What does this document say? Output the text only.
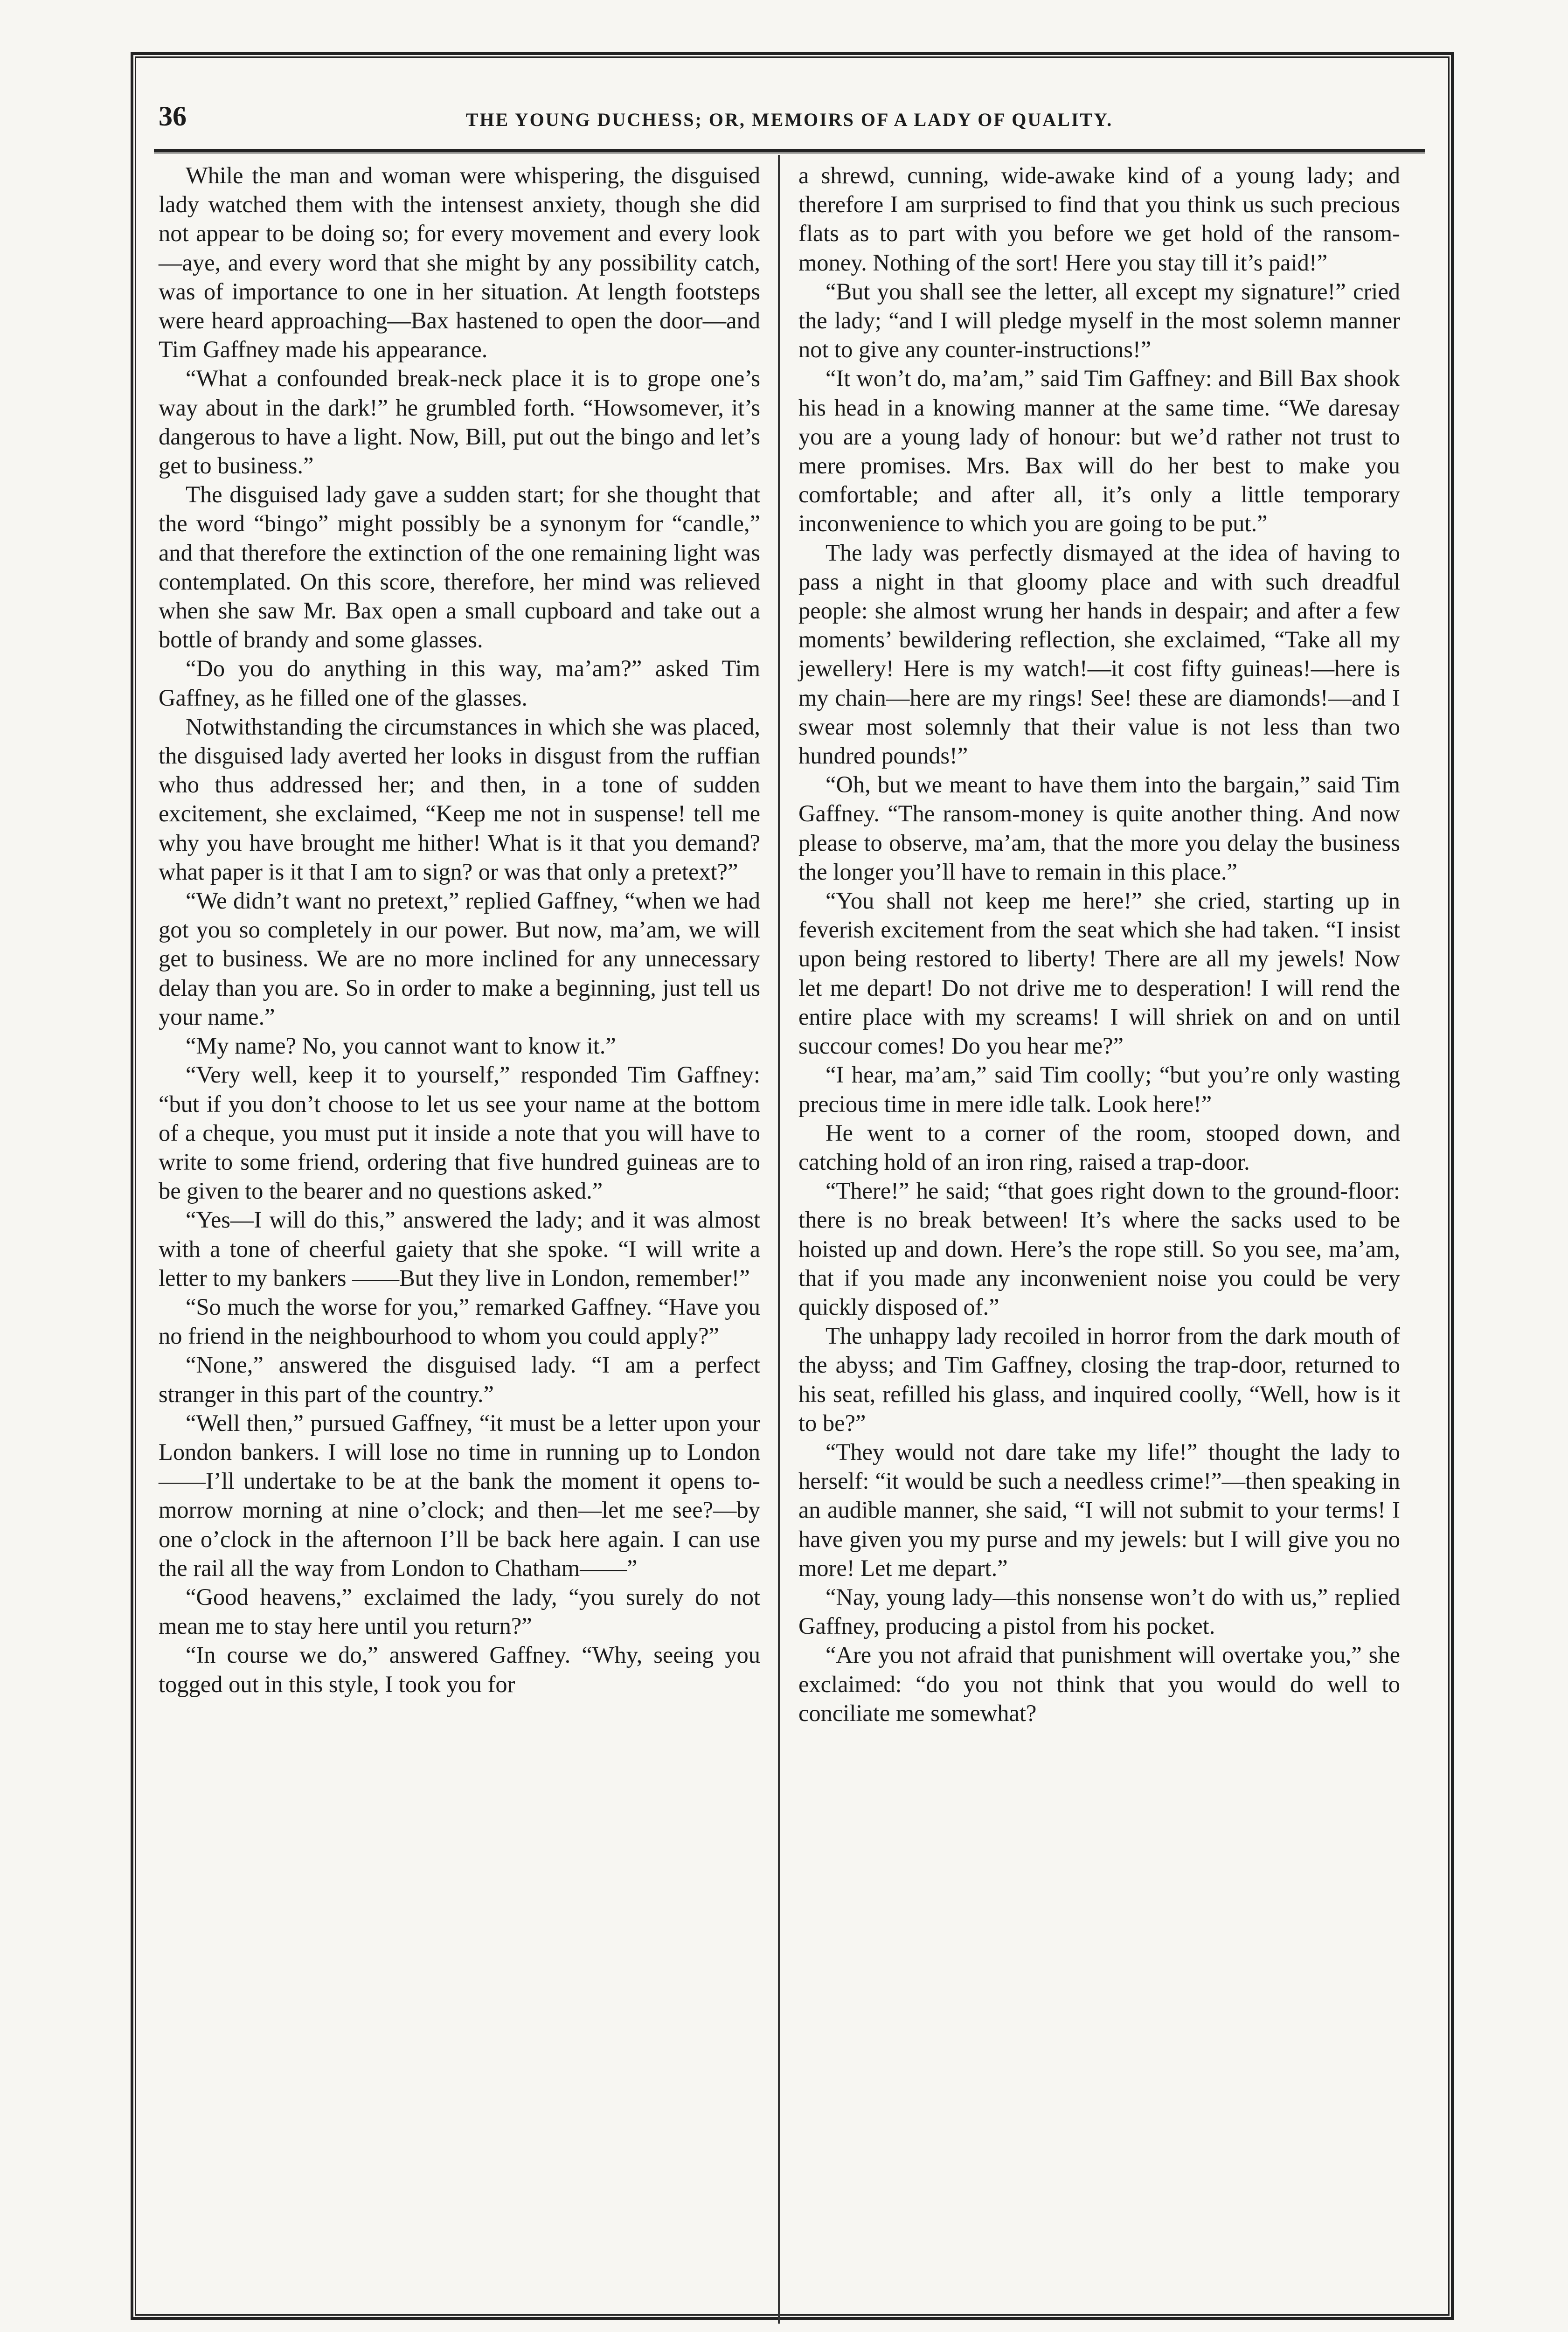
36	THE YOUNG DUCHESS; OR, MEMOIRS OF A LADY OF QUALITY.

While the man and woman were whispering, the disguised lady watched them with the intensest anxiety, though she did not appear to be doing so; for every movement and every look—aye, and every word that she might by any possibility catch, was of importance to one in her situation. At length footsteps were heard approaching—Bax hastened to open the door—and Tim Gaffney made his appearance.

“What a confounded break-neck place it is to grope one’s way about in the dark!” he grumbled forth. “Howsomever, it’s dangerous to have a light. Now, Bill, put out the bingo and let’s get to business.”

The disguised lady gave a sudden start; for she thought that the word “bingo” might possibly be a synonym for “candle,” and that therefore the extinction of the one remaining light was contemplated. On this score, therefore, her mind was relieved when she saw Mr. Bax open a small cupboard and take out a bottle of brandy and some glasses.

“Do you do anything in this way, ma’am?” asked Tim Gaffney, as he filled one of the glasses.

Notwithstanding the circumstances in which she was placed, the disguised lady averted her looks in disgust from the ruffian who thus addressed her; and then, in a tone of sudden excitement, she exclaimed, “Keep me not in suspense! tell me why you have brought me hither! What is it that you demand? what paper is it that I am to sign? or was that only a pretext?”

“We didn’t want no pretext,” replied Gaffney, “when we had got you so completely in our power. But now, ma’am, we will get to business. We are no more inclined for any unnecessary delay than you are. So in order to make a beginning, just tell us your name.”

“My name? No, you cannot want to know it.”

“Very well, keep it to yourself,” responded Tim Gaffney: “but if you don’t choose to let us see your name at the bottom of a cheque, you must put it inside a note that you will have to write to some friend, ordering that five hundred guineas are to be given to the bearer and no questions asked.”

“Yes—I will do this,” answered the lady; and it was almost with a tone of cheerful gaiety that she spoke. “I will write a letter to my bankers ——But they live in London, remember!”

“So much the worse for you,” remarked Gaffney. “Have you no friend in the neighbourhood to whom you could apply?”

“None,” answered the disguised lady. “I am a perfect stranger in this part of the country.”

“Well then,” pursued Gaffney, “it must be a letter upon your London bankers. I will lose no time in running up to London——I’ll undertake to be at the bank the moment it opens to-morrow morning at nine o’clock; and then—let me see?—by one o’clock in the afternoon I’ll be back here again. I can use the rail all the way from London to Chatham——”

“Good heavens,” exclaimed the lady, “you surely do not mean me to stay here until you return?”

“In course we do,” answered Gaffney. “Why, seeing you togged out in this style, I took you for

a shrewd, cunning, wide-awake kind of a young lady; and therefore I am surprised to find that you think us such precious flats as to part with you before we get hold of the ransom-money. Nothing of the sort! Here you stay till it’s paid!”

“But you shall see the letter, all except my signature!” cried the lady; “and I will pledge myself in the most solemn manner not to give any counter-instructions!”

“It won’t do, ma’am,” said Tim Gaffney: and Bill Bax shook his head in a knowing manner at the same time. “We daresay you are a young lady of honour: but we’d rather not trust to mere promises. Mrs. Bax will do her best to make you comfortable; and after all, it’s only a little temporary inconwenience to which you are going to be put.”

The lady was perfectly dismayed at the idea of having to pass a night in that gloomy place and with such dreadful people: she almost wrung her hands in despair; and after a few moments’ bewildering reflection, she exclaimed, “Take all my jewellery! Here is my watch!—it cost fifty guineas!—here is my chain—here are my rings! See! these are diamonds!—and I swear most solemnly that their value is not less than two hundred pounds!”

“Oh, but we meant to have them into the bargain,” said Tim Gaffney. “The ransom-money is quite another thing. And now please to observe, ma’am, that the more you delay the business the longer you’ll have to remain in this place.”

“You shall not keep me here!” she cried, starting up in feverish excitement from the seat which she had taken. “I insist upon being restored to liberty! There are all my jewels! Now let me depart! Do not drive me to desperation! I will rend the entire place with my screams! I will shriek on and on until succour comes! Do you hear me?”

“I hear, ma’am,” said Tim coolly; “but you’re only wasting precious time in mere idle talk. Look here!”

He went to a corner of the room, stooped down, and catching hold of an iron ring, raised a trap-door.

“There!” he said; “that goes right down to the ground-floor: there is no break between! It’s where the sacks used to be hoisted up and down. Here’s the rope still. So you see, ma’am, that if you made any inconwenient noise you could be very quickly disposed of.”

The unhappy lady recoiled in horror from the dark mouth of the abyss; and Tim Gaffney, closing the trap-door, returned to his seat, refilled his glass, and inquired coolly, “Well, how is it to be?”

“They would not dare take my life!” thought the lady to herself: “it would be such a needless crime!”—then speaking in an audible manner, she said, “I will not submit to your terms! I have given you my purse and my jewels: but I will give you no more! Let me depart.”

“Nay, young lady—this nonsense won’t do with us,” replied Gaffney, producing a pistol from his pocket.

“Are you not afraid that punishment will overtake you,” she exclaimed: “do you not think that you would do well to conciliate me somewhat?
